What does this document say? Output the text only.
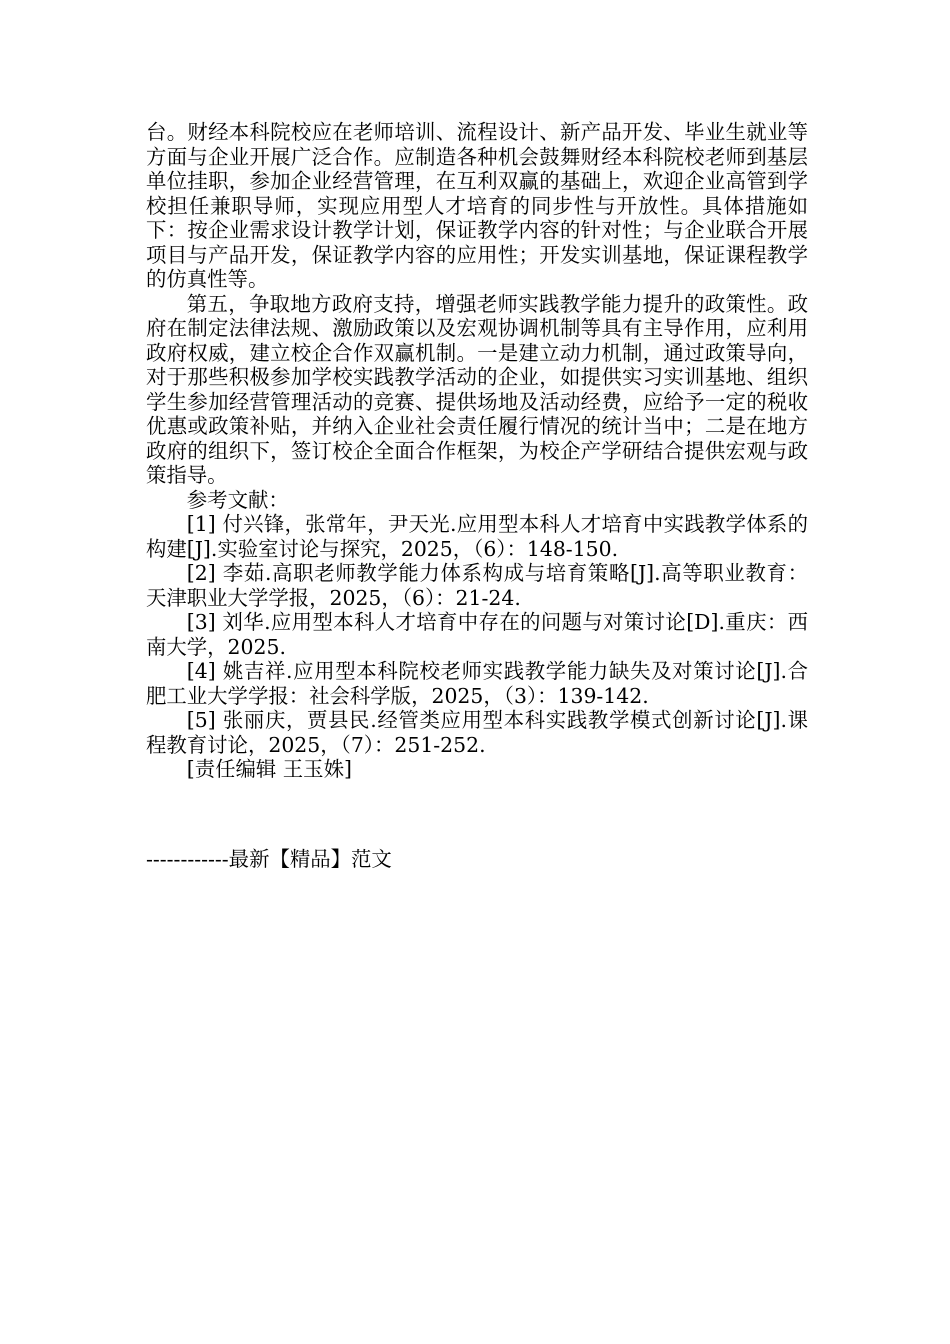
台。财经本科院校应在老师培训、流程设计、新产品开发、毕业生就业等方面与企业开展广泛合作。应制造各种机会鼓舞财经本科院校老师到基层单位挂职，参加企业经营管理，在互利双赢的基础上，欢迎企业高管到学校担任兼职导师，实现应用型人才培育的同步性与开放性。具体措施如下：按企业需求设计教学计划，保证教学内容的针对性；与企业联合开展项目与产品开发，保证教学内容的应用性；开发实训基地，保证课程教学的仿真性等。

第五，争取地方政府支持，增强老师实践教学能力提升的政策性。政府在制定法律法规、激励政策以及宏观协调机制等具有主导作用，应利用政府权威，建立校企合作双赢机制。一是建立动力机制，通过政策导向，对于那些积极参加学校实践教学活动的企业，如提供实习实训基地、组织学生参加经营管理活动的竞赛、提供场地及活动经费，应给予一定的税收优惠或政策补贴，并纳入企业社会责任履行情况的统计当中；二是在地方政府的组织下，签订校企全面合作框架，为校企产学研结合提供宏观与政策指导。

参考文献：

[1] 付兴锋，张常年，尹天光.应用型本科人才培育中实践教学体系的构建[J].实验室讨论与探究，2025，（6）：148-150.

[2] 李茹.高职老师教学能力体系构成与培育策略[J].高等职业教育：天津职业大学学报，2025，（6）：21-24.

[3] 刘华.应用型本科人才培育中存在的问题与对策讨论[D].重庆：西南大学，2025.

[4] 姚吉祥.应用型本科院校老师实践教学能力缺失及对策讨论[J].合肥工业大学学报：社会科学版，2025，（3）：139-142.

[5] 张丽庆，贾县民.经管类应用型本科实践教学模式创新讨论[J].课程教育讨论，2025，（7）：251-252.

[责任编辑 王玉姝]

------------最新【精品】范文
